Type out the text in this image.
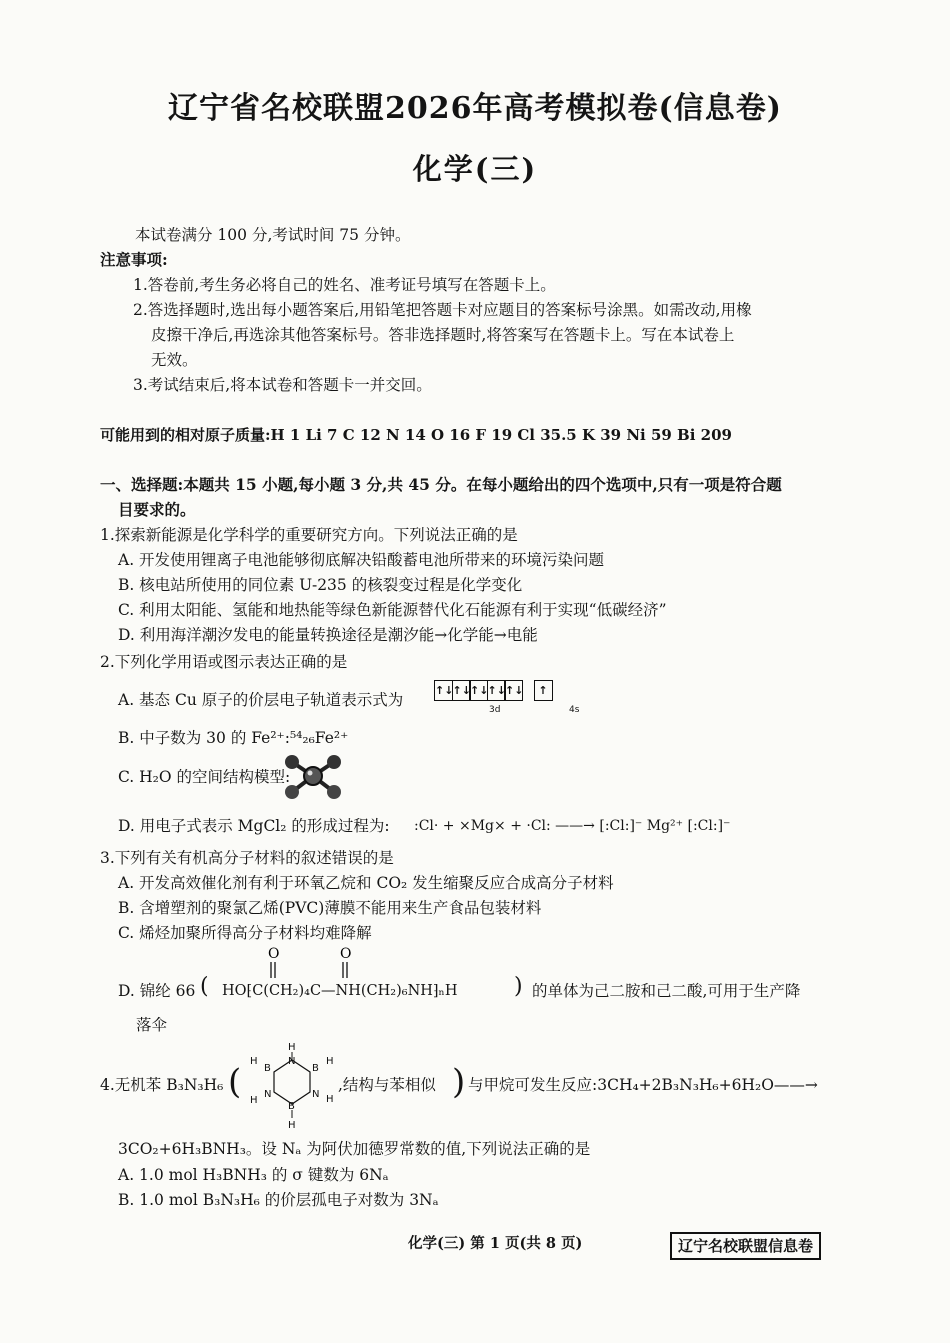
辽宁省名校联盟2026年高考模拟卷(信息卷)
化学(三)
本试卷满分 100 分,考试时间 75 分钟。
注意事项:
1.答卷前,考生务必将自己的姓名、准考证号填写在答题卡上。
2.答选择题时,选出每小题答案后,用铅笔把答题卡对应题目的答案标号涂黑。如需改动,用橡
皮擦干净后,再选涂其他答案标号。答非选择题时,将答案写在答题卡上。写在本试卷上
无效。
3.考试结束后,将本试卷和答题卡一并交回。
可能用到的相对原子质量:H 1 Li 7 C 12 N 14 O 16 F 19 Cl 35.5 K 39 Ni 59 Bi 209
一、选择题:本题共 15 小题,每小题 3 分,共 45 分。在每小题给出的四个选项中,只有一项是符合题
目要求的。
1.探索新能源是化学科学的重要研究方向。下列说法正确的是
A. 开发使用锂离子电池能够彻底解决铅酸蓄电池所带来的环境污染问题
B. 核电站所使用的同位素 U-235 的核裂变过程是化学变化
C. 利用太阳能、氢能和地热能等绿色新能源替代化石能源有利于实现“低碳经济”
D. 利用海洋潮汐发电的能量转换途径是潮汐能→化学能→电能
2.下列化学用语或图示表达正确的是
A. 基态 Cu 原子的价层电子轨道表示式为
↑↓ ↑↓ ↑↓ ↑↓ ↑↓	↑
3d	4s
B. 中子数为 30 的 Fe²⁺:⁵⁴₂₆Fe²⁺
C. H₂O 的空间结构模型:
D. 用电子式表示 MgCl₂ 的形成过程为: :Cl· + ×Mg× + ·Cl: ——→ [:Cl:]⁻ Mg²⁺ [:Cl:]⁻
3.下列有关有机高分子材料的叙述错误的是
A. 开发高效催化剂有利于环氧乙烷和 CO₂ 发生缩聚反应合成高分子材料
B. 含增塑剂的聚氯乙烯(PVC)薄膜不能用来生产食品包装材料
C. 烯烃加聚所得高分子材料均难降解
O	O
D. 锦纶 66 ( HO⁅C(CH₂)₄C—NH(CH₂)₆NH⁆ₙH	) 的单体为己二胺和己二酸,可用于生产降
落伞
4.无机苯 B₃N₃H₆ (
H
N
B
H
N H
B
H
N
H
B
H
,结构与苯相似 ) 与甲烷可发生反应:3CH₄+2B₃N₃H₆+6H₂O——→
3CO₂+6H₃BNH₃。设 Nₐ 为阿伏加德罗常数的值,下列说法正确的是
A. 1.0 mol H₃BNH₃ 的 σ 键数为 6Nₐ
B. 1.0 mol B₃N₃H₆ 的价层孤电子对数为 3Nₐ
化学(三) 第 1 页(共 8 页)	辽宁名校联盟信息卷
